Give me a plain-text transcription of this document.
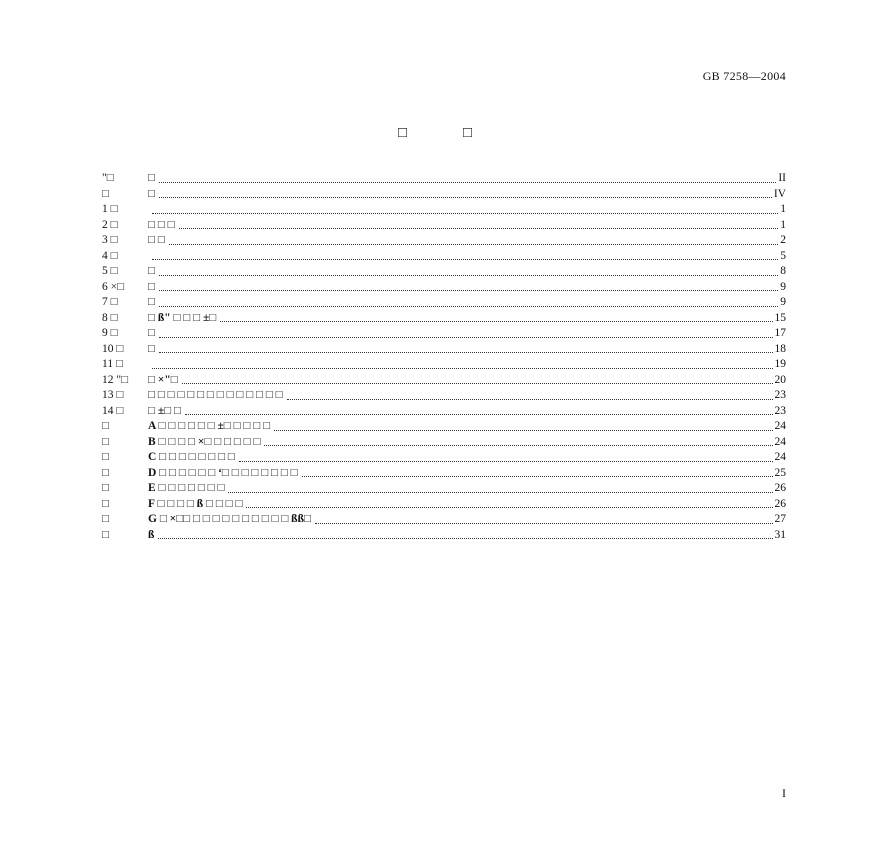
GB 7258—2004
□	□
"□	□	II
□	□	IV
1 □	1
2 □	□ □ □	1
3 □	□ □	2
4 □	5
5 □	□	8
6 ×□	□	9
7 □	□	9
8 □	□ ß" □ □ □ ±□	15
9 □	□	17
10 □	□	18
11 □	19
12 "□	□ ×"□	20
13 □	□ □ □ □ □ □ □ □ □ □ □ □ □ □	23
14 □	□ ±□ □	23
□	A □ □ □ □ □ □ ±□ □ □ □ □	24
□	B □ □ □ □ ×□ □ □ □ □ □	24
□	C □ □ □ □ □ □ □ □	24
□	D □ □ □ □ □ □ ‘□ □ □ □ □ □ □ □	25
□	E □ □ □ □ □ □ □	26
□	F □ □ □ □ ß □ □ □ □	26
□	G □ ×□□ □ □ □ □ □ □ □ □ □ □ ßß□	27
□	ß	31
I
